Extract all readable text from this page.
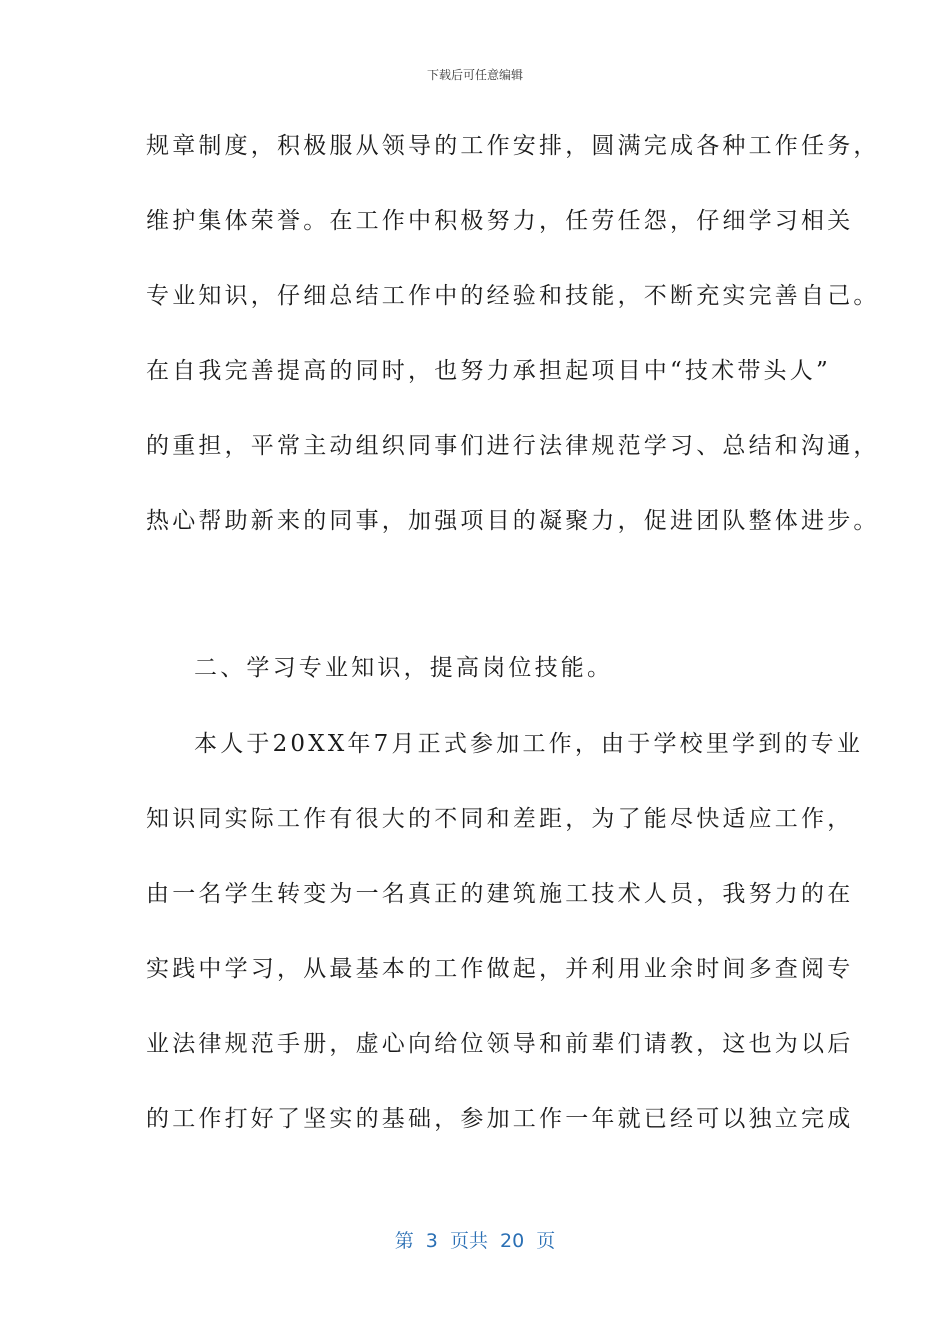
下载后可任意编辑
规章制度，积极服从领导的工作安排，圆满完成各种工作任务，
维护集体荣誉。在工作中积极努力，任劳任怨，仔细学习相关
专业知识，仔细总结工作中的经验和技能，不断充实完善自己。
在自我完善提高的同时，也努力承担起项目中“技术带头人”
的重担，平常主动组织同事们进行法律规范学习、总结和沟通，
热心帮助新来的同事，加强项目的凝聚力，促进团队整体进步。
二、学习专业知识，提高岗位技能。
本人于20XX年7月正式参加工作，由于学校里学到的专业
知识同实际工作有很大的不同和差距，为了能尽快适应工作，
由一名学生转变为一名真正的建筑施工技术人员，我努力的在
实践中学习，从最基本的工作做起，并利用业余时间多查阅专
业法律规范手册，虚心向给位领导和前辈们请教，这也为以后
的工作打好了坚实的基础，参加工作一年就已经可以独立完成
第  3  页共  20  页
